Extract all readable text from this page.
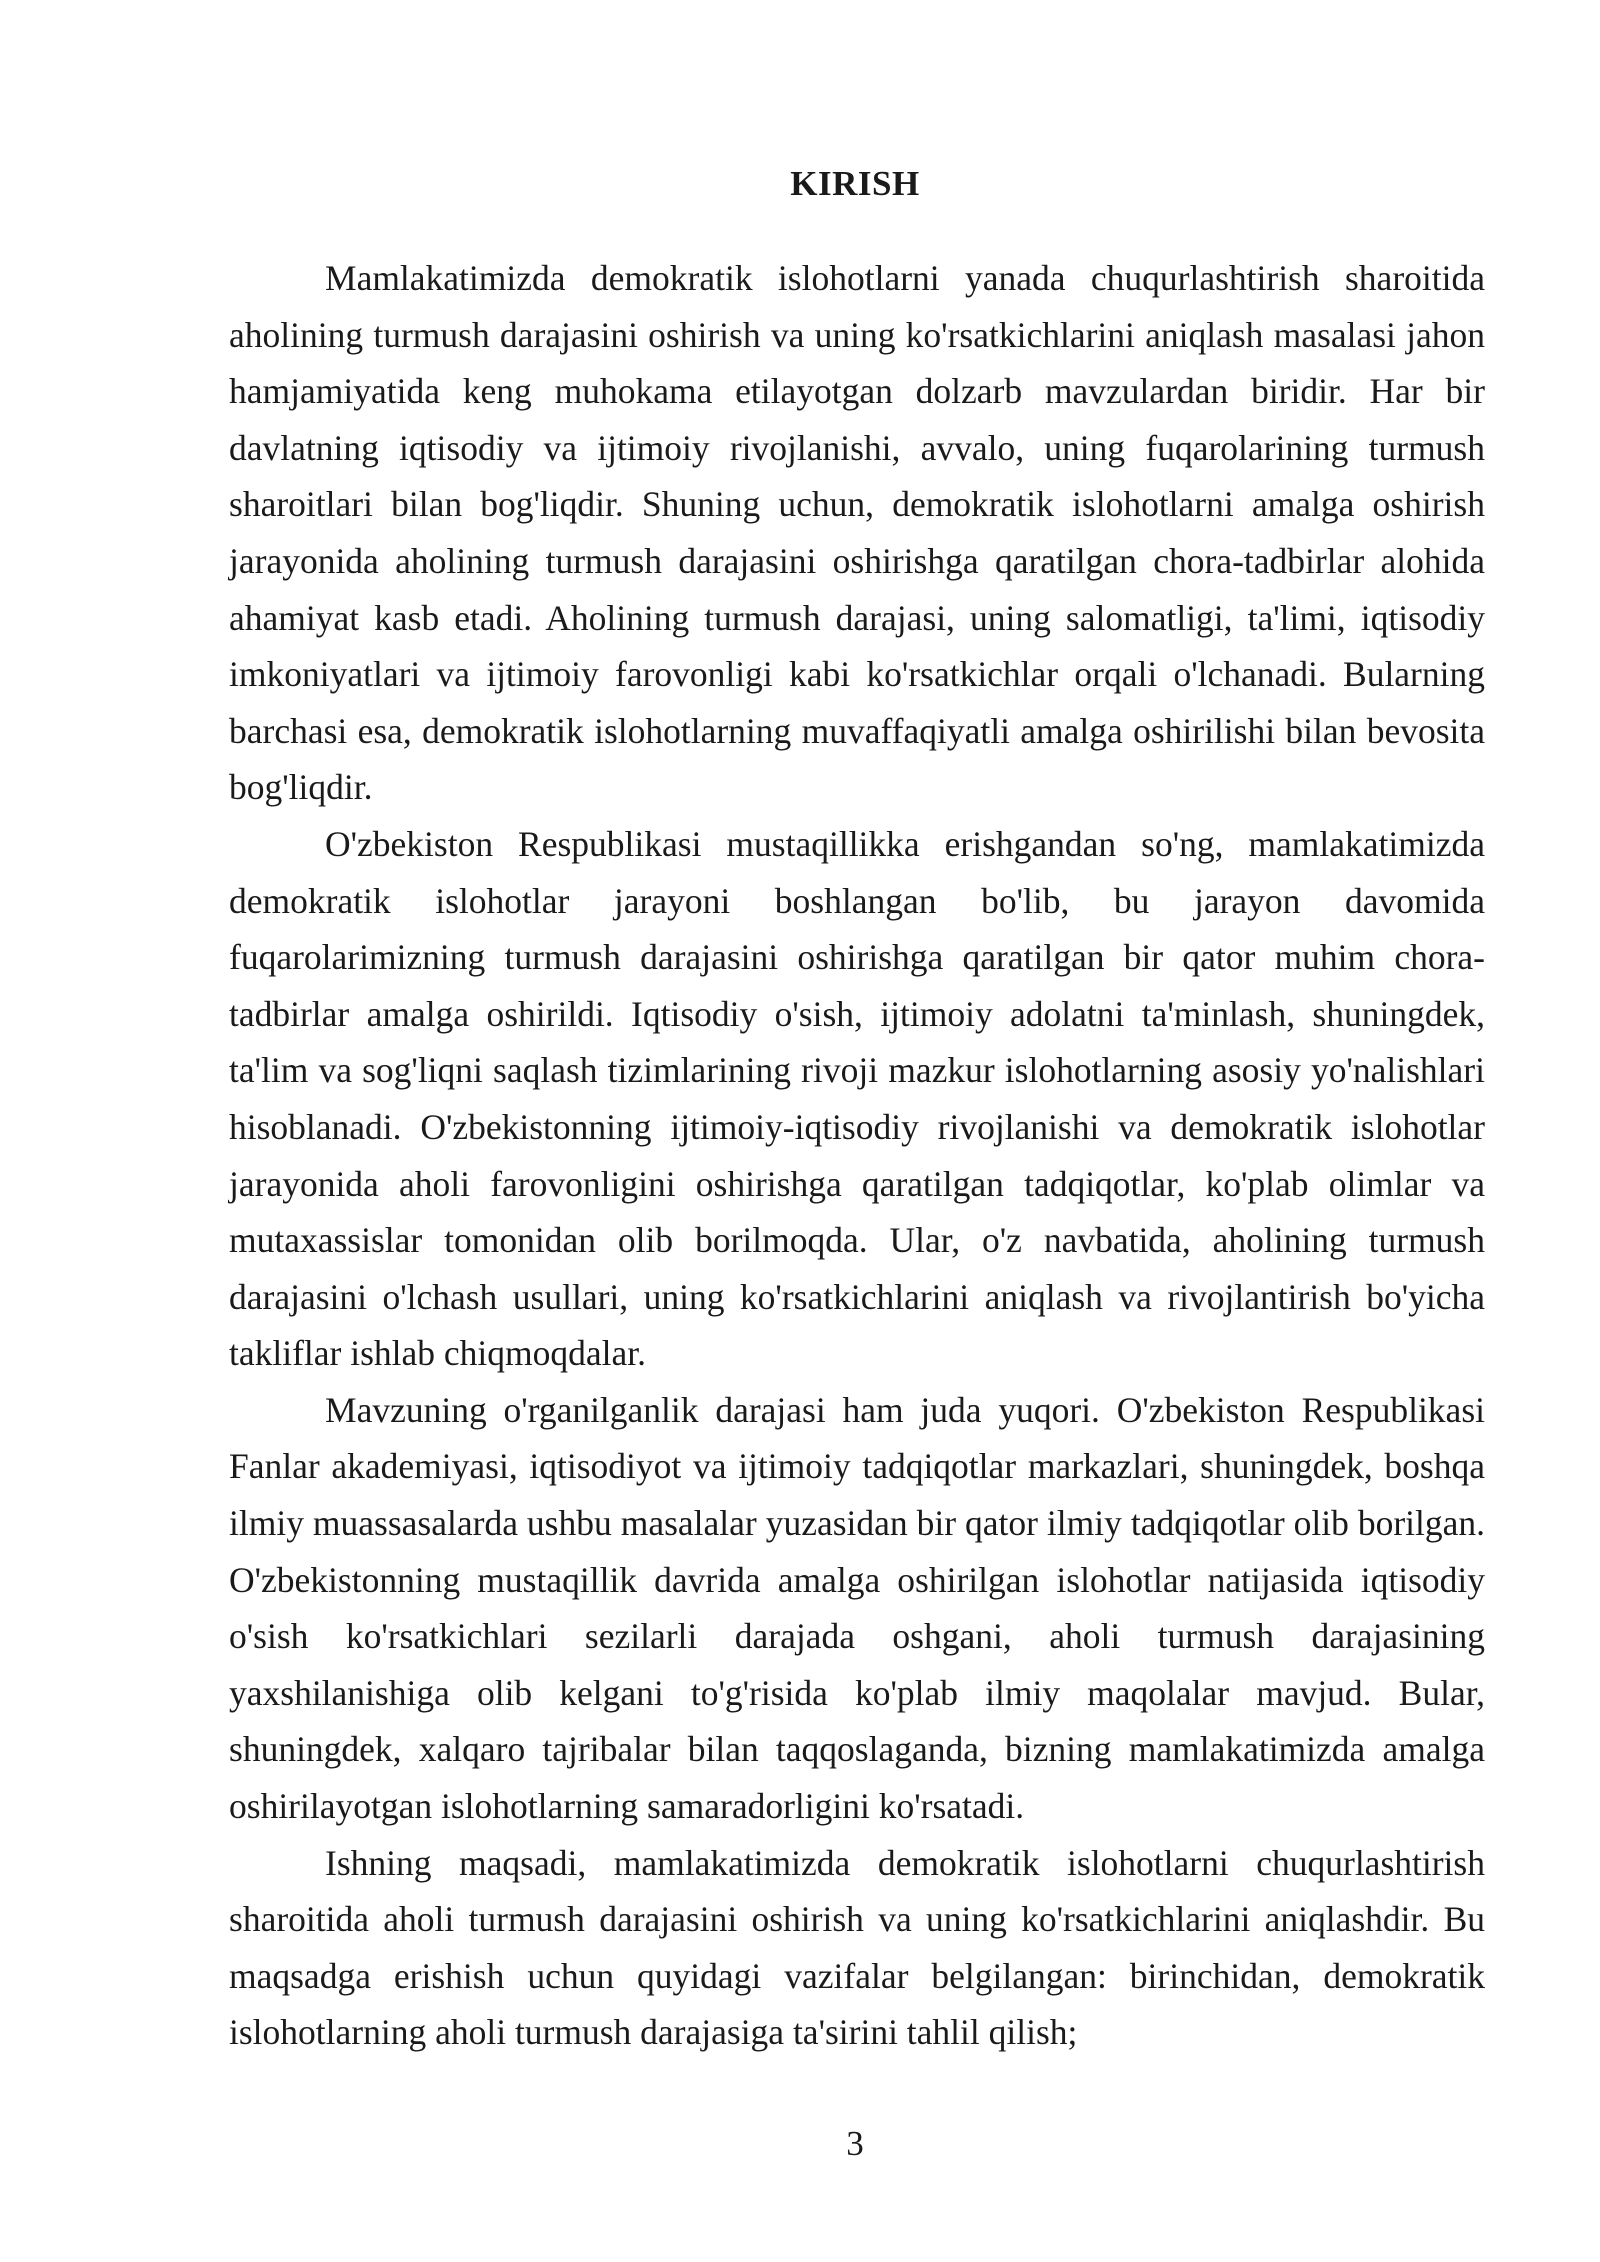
KIRISH

Mamlakatimizda demokratik islohotlarni yanada chuqurlashtirish sharoitida aholining turmush darajasini oshirish va uning ko'rsatkichlarini aniqlash masalasi jahon hamjamiyatida keng muhokama etilayotgan dolzarb mavzulardan biridir. Har bir davlatning iqtisodiy va ijtimoiy rivojlanishi, avvalo, uning fuqarolarining turmush sharoitlari bilan bog'liqdir. Shuning uchun, demokratik islohotlarni amalga oshirish jarayonida aholining turmush darajasini oshirishga qaratilgan chora-tadbirlar alohida ahamiyat kasb etadi. Aholining turmush darajasi, uning salomatligi, ta'limi, iqtisodiy imkoniyatlari va ijtimoiy farovonligi kabi ko'rsatkichlar orqali o'lchanadi. Bularning barchasi esa, demokratik islohotlarning muvaffaqiyatli amalga oshirilishi bilan bevosita bog'liqdir.

O'zbekiston Respublikasi mustaqillikka erishgandan so'ng, mamlakatimizda demokratik islohotlar jarayoni boshlangan bo'lib, bu jarayon davomida fuqarolarimizning turmush darajasini oshirishga qaratilgan bir qator muhim chora-tadbirlar amalga oshirildi. Iqtisodiy o'sish, ijtimoiy adolatni ta'minlash, shuningdek, ta'lim va sog'liqni saqlash tizimlarining rivoji mazkur islohotlarning asosiy yo'nalishlari hisoblanadi. O'zbekistonning ijtimoiy-iqtisodiy rivojlanishi va demokratik islohotlar jarayonida aholi farovonligini oshirishga qaratilgan tadqiqotlar, ko'plab olimlar va mutaxassislar tomonidan olib borilmoqda. Ular, o'z navbatida, aholining turmush darajasini o'lchash usullari, uning ko'rsatkichlarini aniqlash va rivojlantirish bo'yicha takliflar ishlab chiqmoqdalar.

Mavzuning o'rganilganlik darajasi ham juda yuqori. O'zbekiston Respublikasi Fanlar akademiyasi, iqtisodiyot va ijtimoiy tadqiqotlar markazlari, shuningdek, boshqa ilmiy muassasalarda ushbu masalalar yuzasidan bir qator ilmiy tadqiqotlar olib borilgan. O'zbekistonning mustaqillik davrida amalga oshirilgan islohotlar natijasida iqtisodiy o'sish ko'rsatkichlari sezilarli darajada oshgani, aholi turmush darajasining yaxshilanishiga olib kelgani to'g'risida ko'plab ilmiy maqolalar mavjud. Bular, shuningdek, xalqaro tajribalar bilan taqqoslaganda, bizning mamlakatimizda amalga oshirilayotgan islohotlarning samaradorligini ko'rsatadi.

Ishning maqsadi, mamlakatimizda demokratik islohotlarni chuqurlashtirish sharoitida aholi turmush darajasini oshirish va uning ko'rsatkichlarini aniqlashdir. Bu maqsadga erishish uchun quyidagi vazifalar belgilangan: birinchidan, demokratik islohotlarning aholi turmush darajasiga ta'sirini tahlil qilish;

3
